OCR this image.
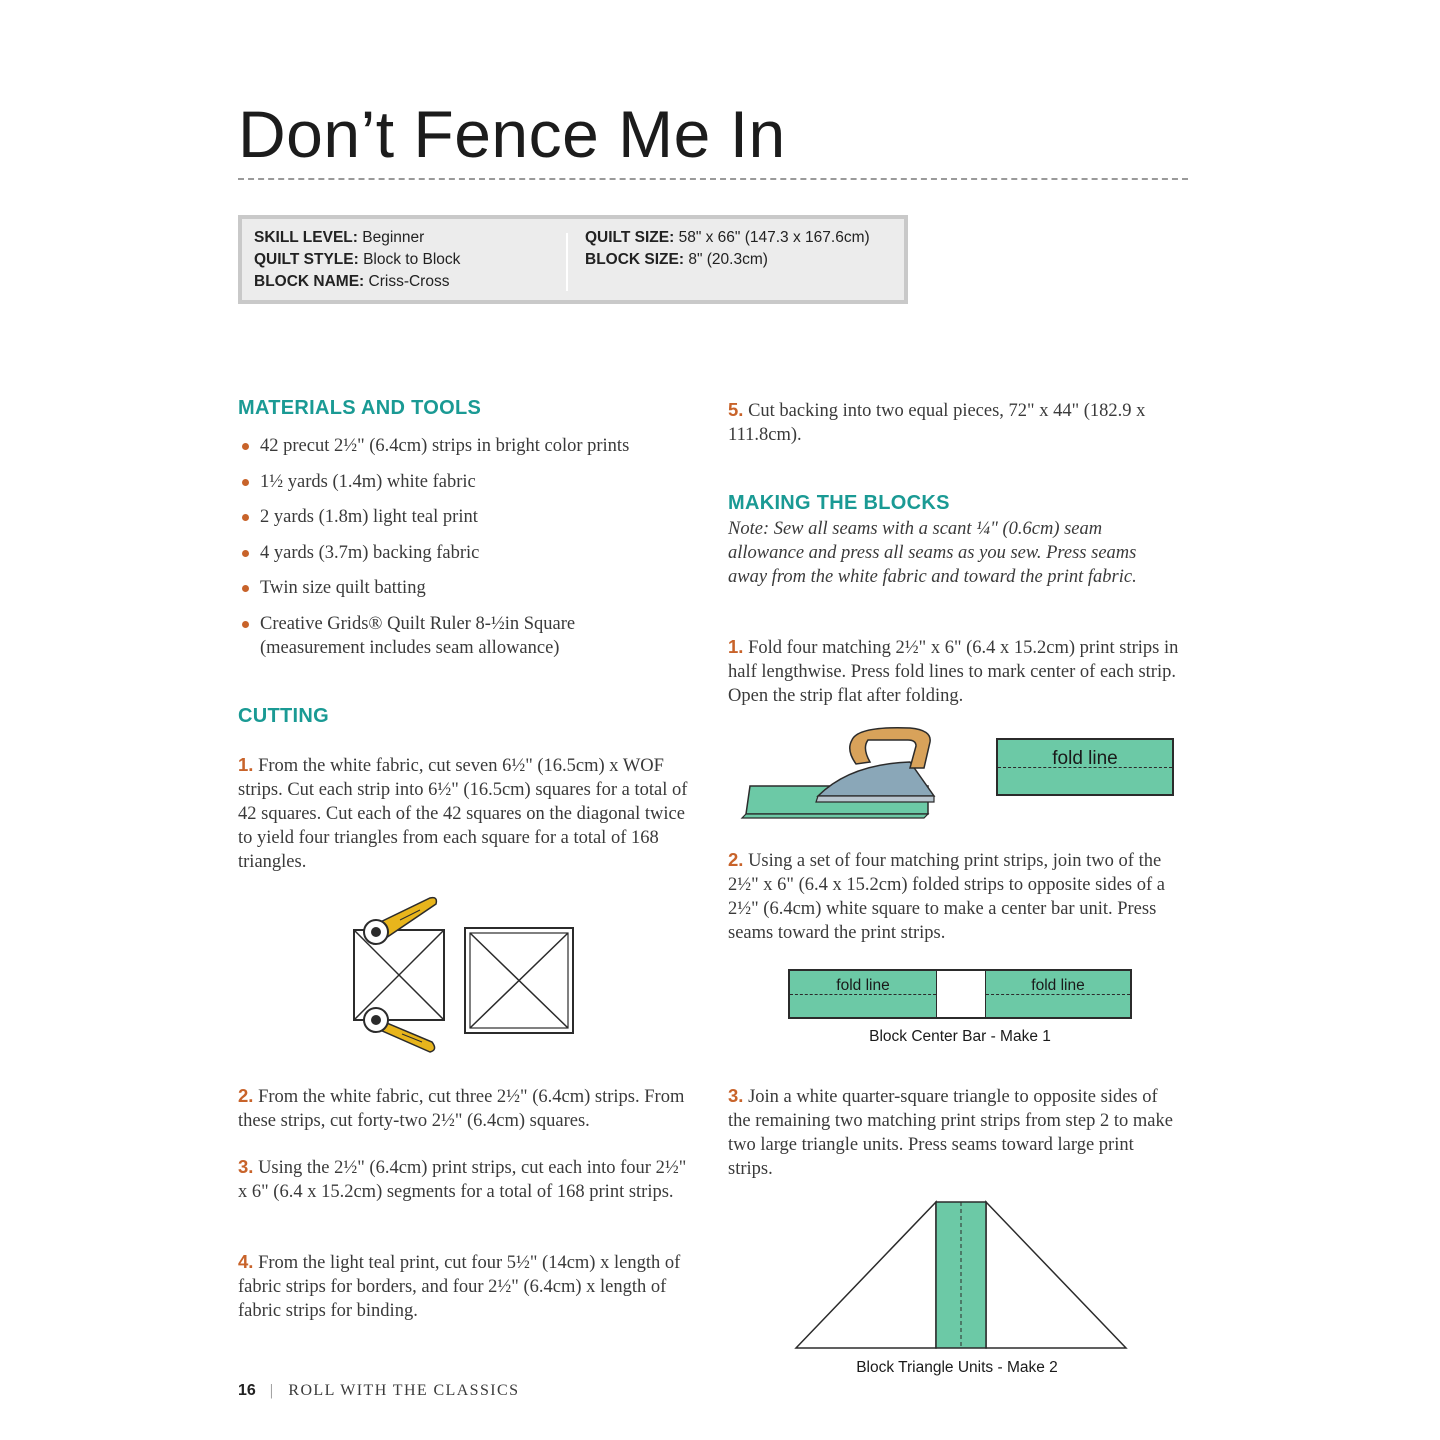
Don’t Fence Me In
SKILL LEVEL: Beginner
QUILT STYLE: Block to Block
BLOCK NAME: Criss-Cross
QUILT SIZE: 58" x 66" (147.3 x 167.6cm)
BLOCK SIZE: 8" (20.3cm)
MATERIALS AND TOOLS
42 precut 2½" (6.4cm) strips in bright color prints
1½ yards (1.4m) white fabric
2 yards (1.8m) light teal print
4 yards (3.7m) backing fabric
Twin size quilt batting
Creative Grids® Quilt Ruler 8-½in Square (measurement includes seam allowance)
CUTTING
1. From the white fabric, cut seven 6½" (16.5cm) x WOF strips. Cut each strip into 6½" (16.5cm) squares for a total of 42 squares. Cut each of the 42 squares on the diagonal twice to yield four triangles from each square for a total of 168 triangles.
2. From the white fabric, cut three 2½" (6.4cm) strips. From these strips, cut forty-two 2½" (6.4cm) squares.
3. Using the 2½" (6.4cm) print strips, cut each into four 2½" x 6" (6.4 x 15.2cm) segments for a total of 168 print strips.
4. From the light teal print, cut four 5½" (14cm) x length of fabric strips for borders, and four 2½" (6.4cm) x length of fabric strips for binding.
5. Cut backing into two equal pieces, 72" x 44" (182.9 x 111.8cm).
MAKING THE BLOCKS
Note: Sew all seams with a scant ¼" (0.6cm) seam allowance and press all seams as you sew. Press seams away from the white fabric and toward the print fabric.
1. Fold four matching 2½" x 6" (6.4 x 15.2cm) print strips in half lengthwise. Press fold lines to mark center of each strip. Open the strip flat after folding.
fold line
2. Using a set of four matching print strips, join two of the 2½" x 6" (6.4 x 15.2cm) folded strips to opposite sides of a 2½" (6.4cm) white square to make a center bar unit. Press seams toward the print strips.
fold line	fold line
Block Center Bar - Make 1
3. Join a white quarter-square triangle to opposite sides of the remaining two matching print strips from step 2 to make two large triangle units. Press seams toward large print strips.
Block Triangle Units - Make 2
16 | ROLL WITH THE CLASSICS
